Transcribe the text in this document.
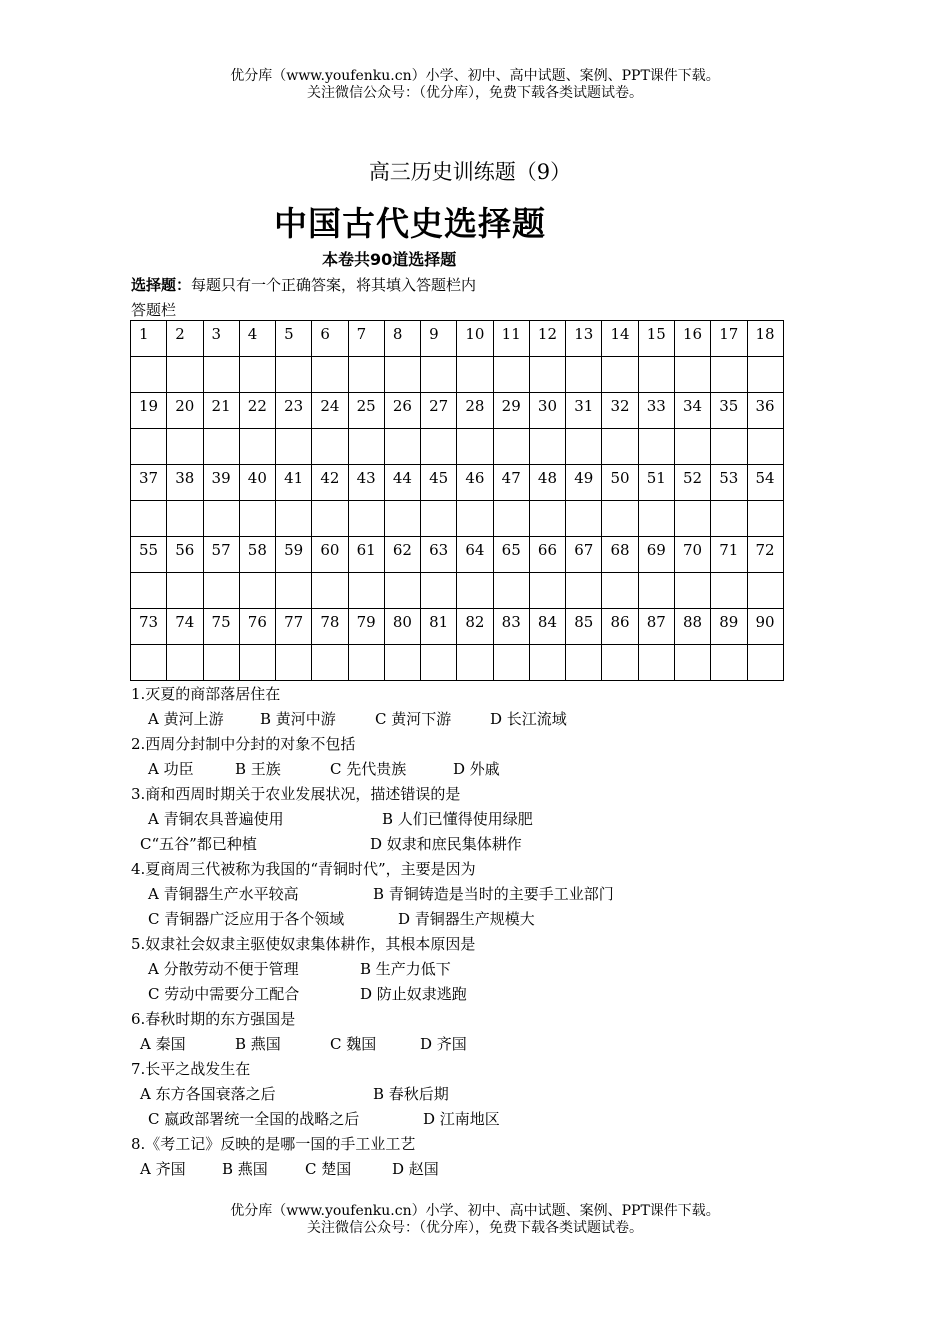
优分库（www.youfenku.cn）小学、初中、高中试题、案例、PPT课件下载。
关注微信公众号：（优分库），免费下载各类试题试卷。
高三历史训练题（9）
中国古代史选择题
本卷共90道选择题
选择题：每题只有一个正确答案，将其填入答题栏内
答题栏
1	2	3	4	5	6	7	8	9	10	11	12	13	14	15	16	17	18

19	20	21	22	23	24	25	26	27	28	29	30	31	32	33	34	35	36

37	38	39	40	41	42	43	44	45	46	47	48	49	50	51	52	53	54

55	56	57	58	59	60	61	62	63	64	65	66	67	68	69	70	71	72

73	74	75	76	77	78	79	80	81	82	83	84	85	86	87	88	89	90

1.灭夏的商部落居住在
A 黄河上游 B 黄河中游	C 黄河下游	D 长江流域
2.西周分封制中分封的对象不包括
A 功臣	B 王族	C 先代贵族	D 外戚
3.商和西周时期关于农业发展状况，描述错误的是
A 青铜农具普遍使用	B 人们已懂得使用绿肥
C“五谷”都已种植	D 奴隶和庶民集体耕作
4.夏商周三代被称为我国的“青铜时代”，主要是因为
A 青铜器生产水平较高	B 青铜铸造是当时的主要手工业部门
C 青铜器广泛应用于各个领域	D 青铜器生产规模大
5.奴隶社会奴隶主驱使奴隶集体耕作，其根本原因是
A 分散劳动不便于管理	B 生产力低下
C 劳动中需要分工配合	D 防止奴隶逃跑
6.春秋时期的东方强国是
A 秦国	B 燕国	C 魏国	D 齐国
7.长平之战发生在
A 东方各国衰落之后	B 春秋后期
C 嬴政部署统一全国的战略之后	D 江南地区
8.《考工记》反映的是哪一国的手工业工艺
A 齐国 B 燕国 C 楚国	D 赵国
优分库（www.youfenku.cn）小学、初中、高中试题、案例、PPT课件下载。
关注微信公众号：（优分库），免费下载各类试题试卷。
